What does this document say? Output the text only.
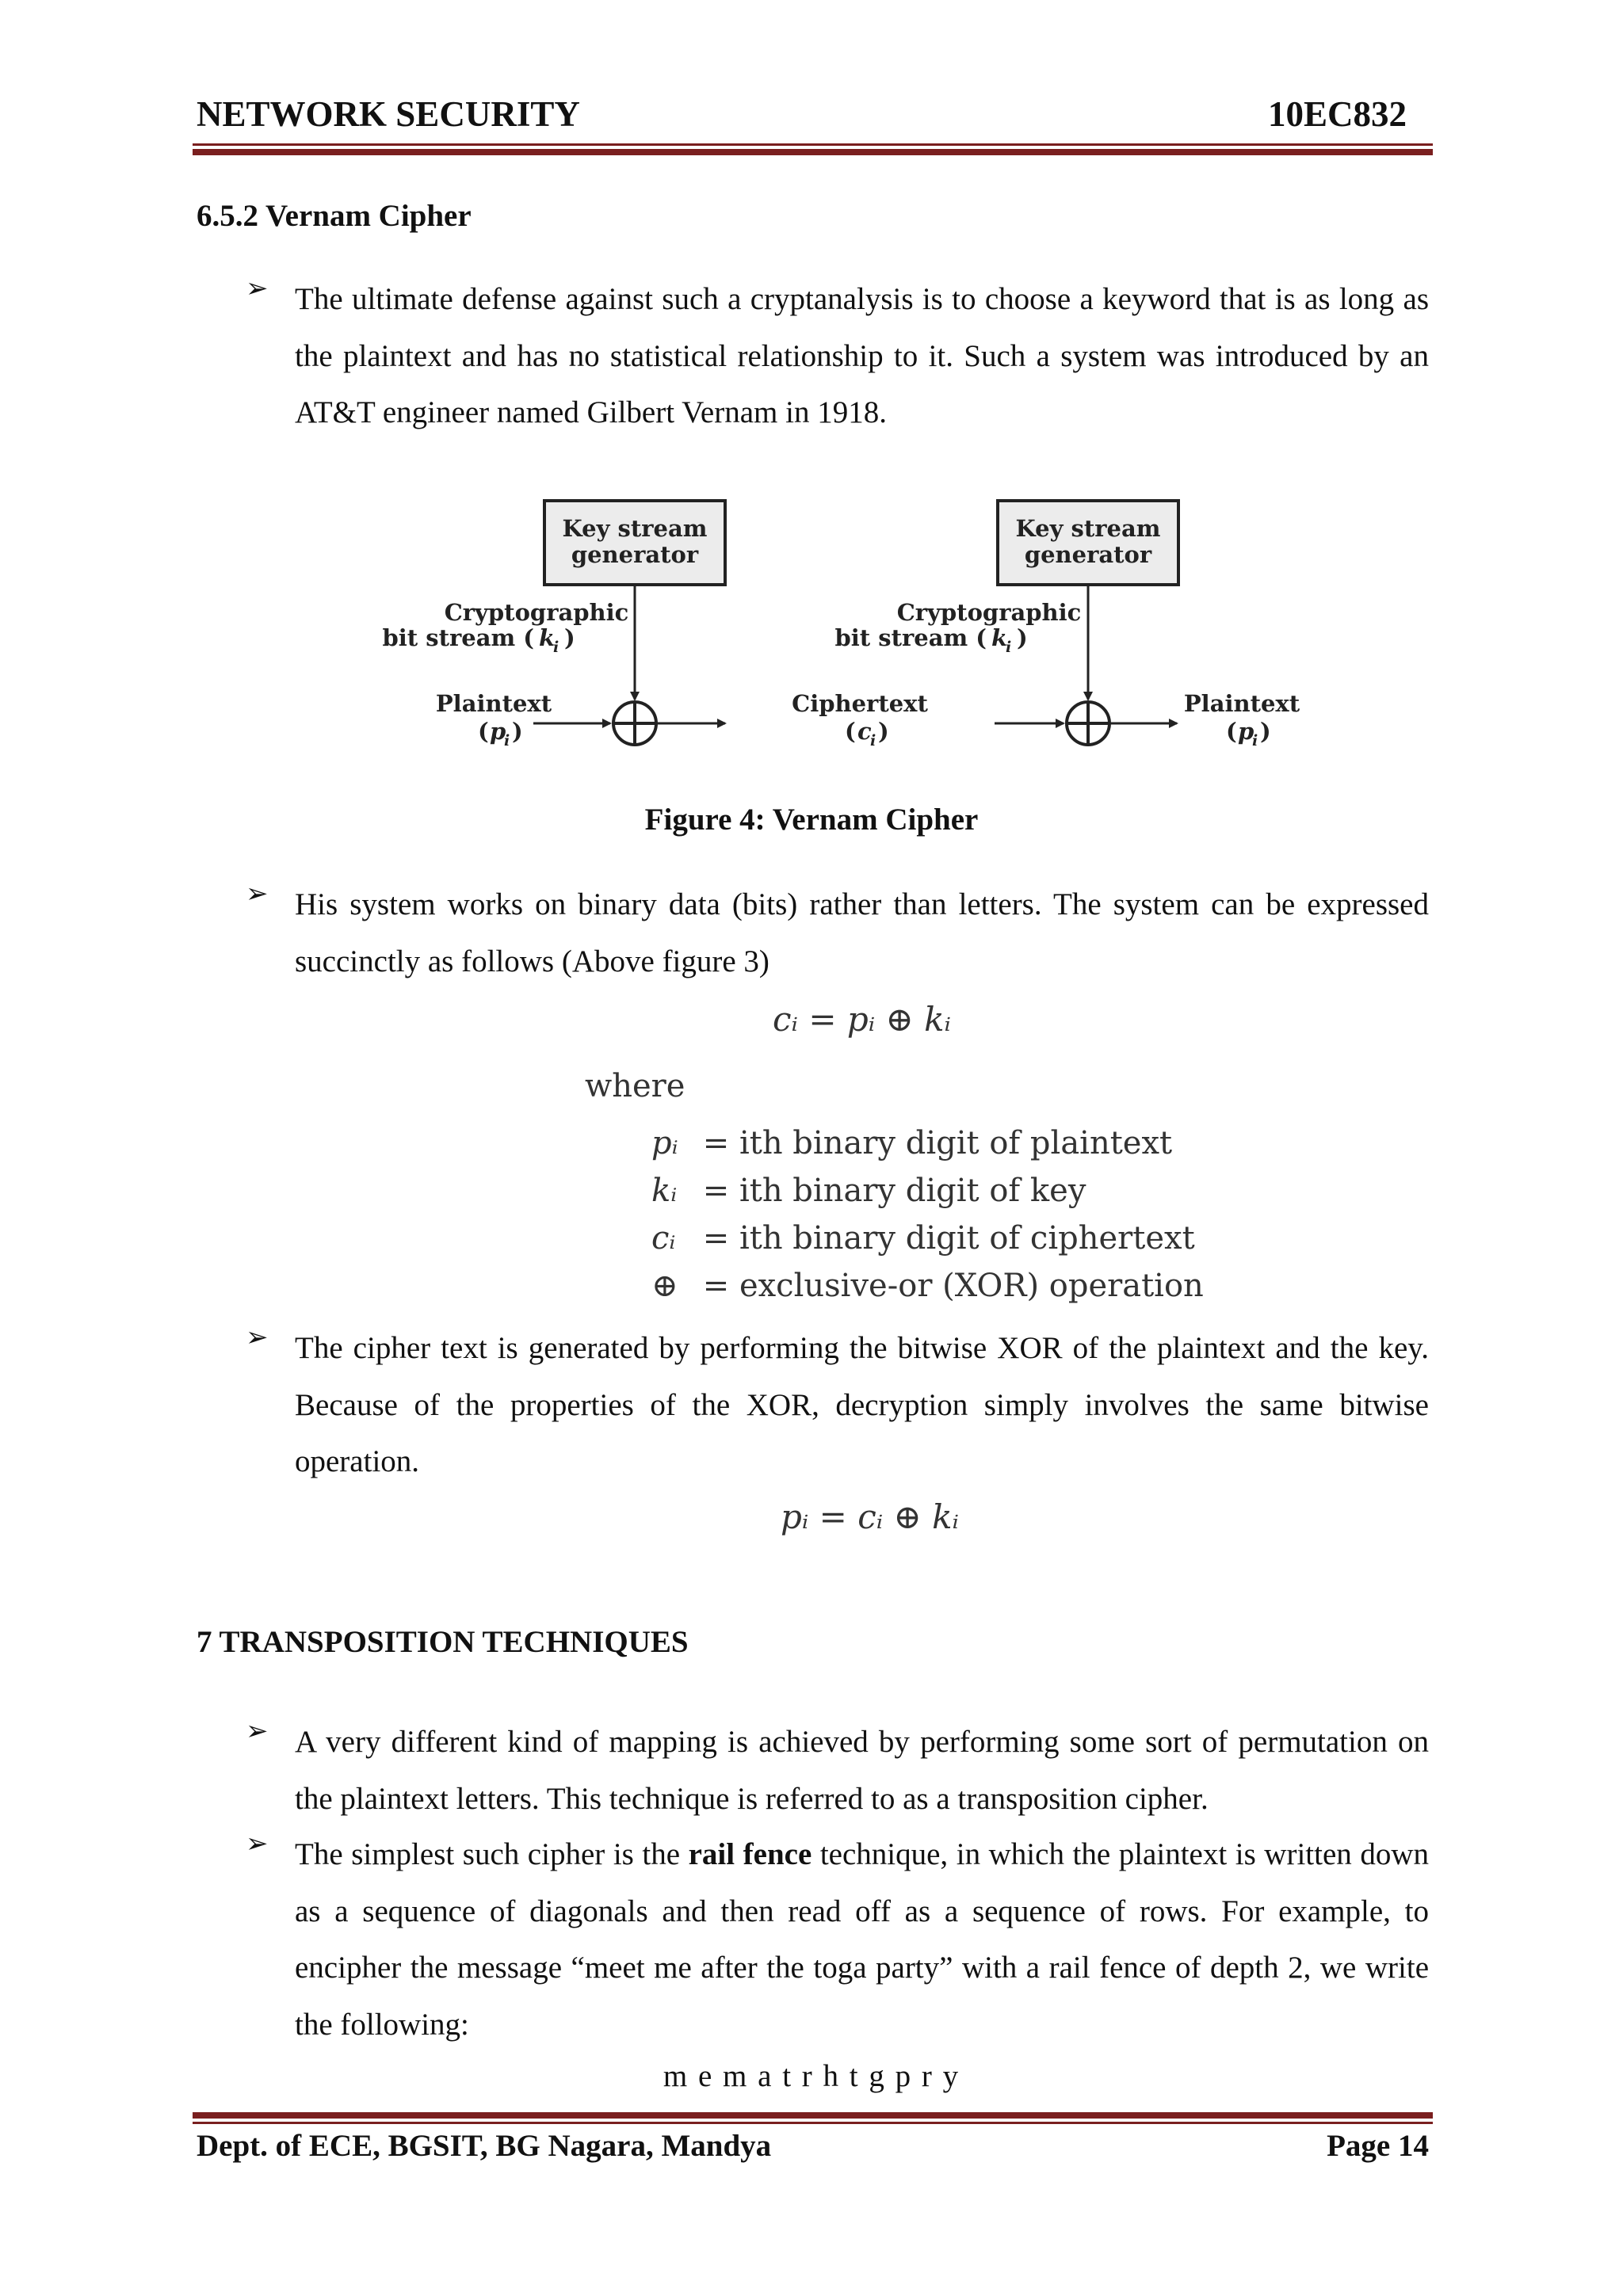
NETWORK SECURITY	10EC832
6.5.2 Vernam Cipher
➢ The ultimate defense against such a cryptanalysis is to choose a keyword that is as long as the plaintext and has no statistical relationship to it. Such a system was introduced by an AT&T engineer named Gilbert Vernam in 1918.
Key stream
generator
Cryptographic
bit stream ( k
i )
Plaintext
( p
i )
Key stream
generator
Cryptographic
bit stream ( k
i )
Ciphertext
( c
i )
Plaintext
( p
i )
Figure 4: Vernam Cipher
➢ His system works on binary data (bits) rather than letters. The system can be expressed succinctly as follows (Above figure 3)
cᵢ = pᵢ ⊕ kᵢ
where
pᵢ = ith binary digit of plaintext
kᵢ = ith binary digit of key
cᵢ = ith binary digit of ciphertext
⊕ = exclusive-or (XOR) operation
➢ The cipher text is generated by performing the bitwise XOR of the plaintext and the key. Because of the properties of the XOR, decryption simply involves the same bitwise operation.
pᵢ = cᵢ ⊕ kᵢ
7 TRANSPOSITION TECHNIQUES
➢ A very different kind of mapping is achieved by performing some sort of permutation on the plaintext letters. This technique is referred to as a transposition cipher.
➢ The simplest such cipher is the rail fence technique, in which the plaintext is written down as a sequence of diagonals and then read off as a sequence of rows. For example, to encipher the message “meet me after the toga party” with a rail fence of depth 2, we write the following:
m e m a t r h t g p r y
Dept. of ECE, BGSIT, BG Nagara, Mandya	Page 14
